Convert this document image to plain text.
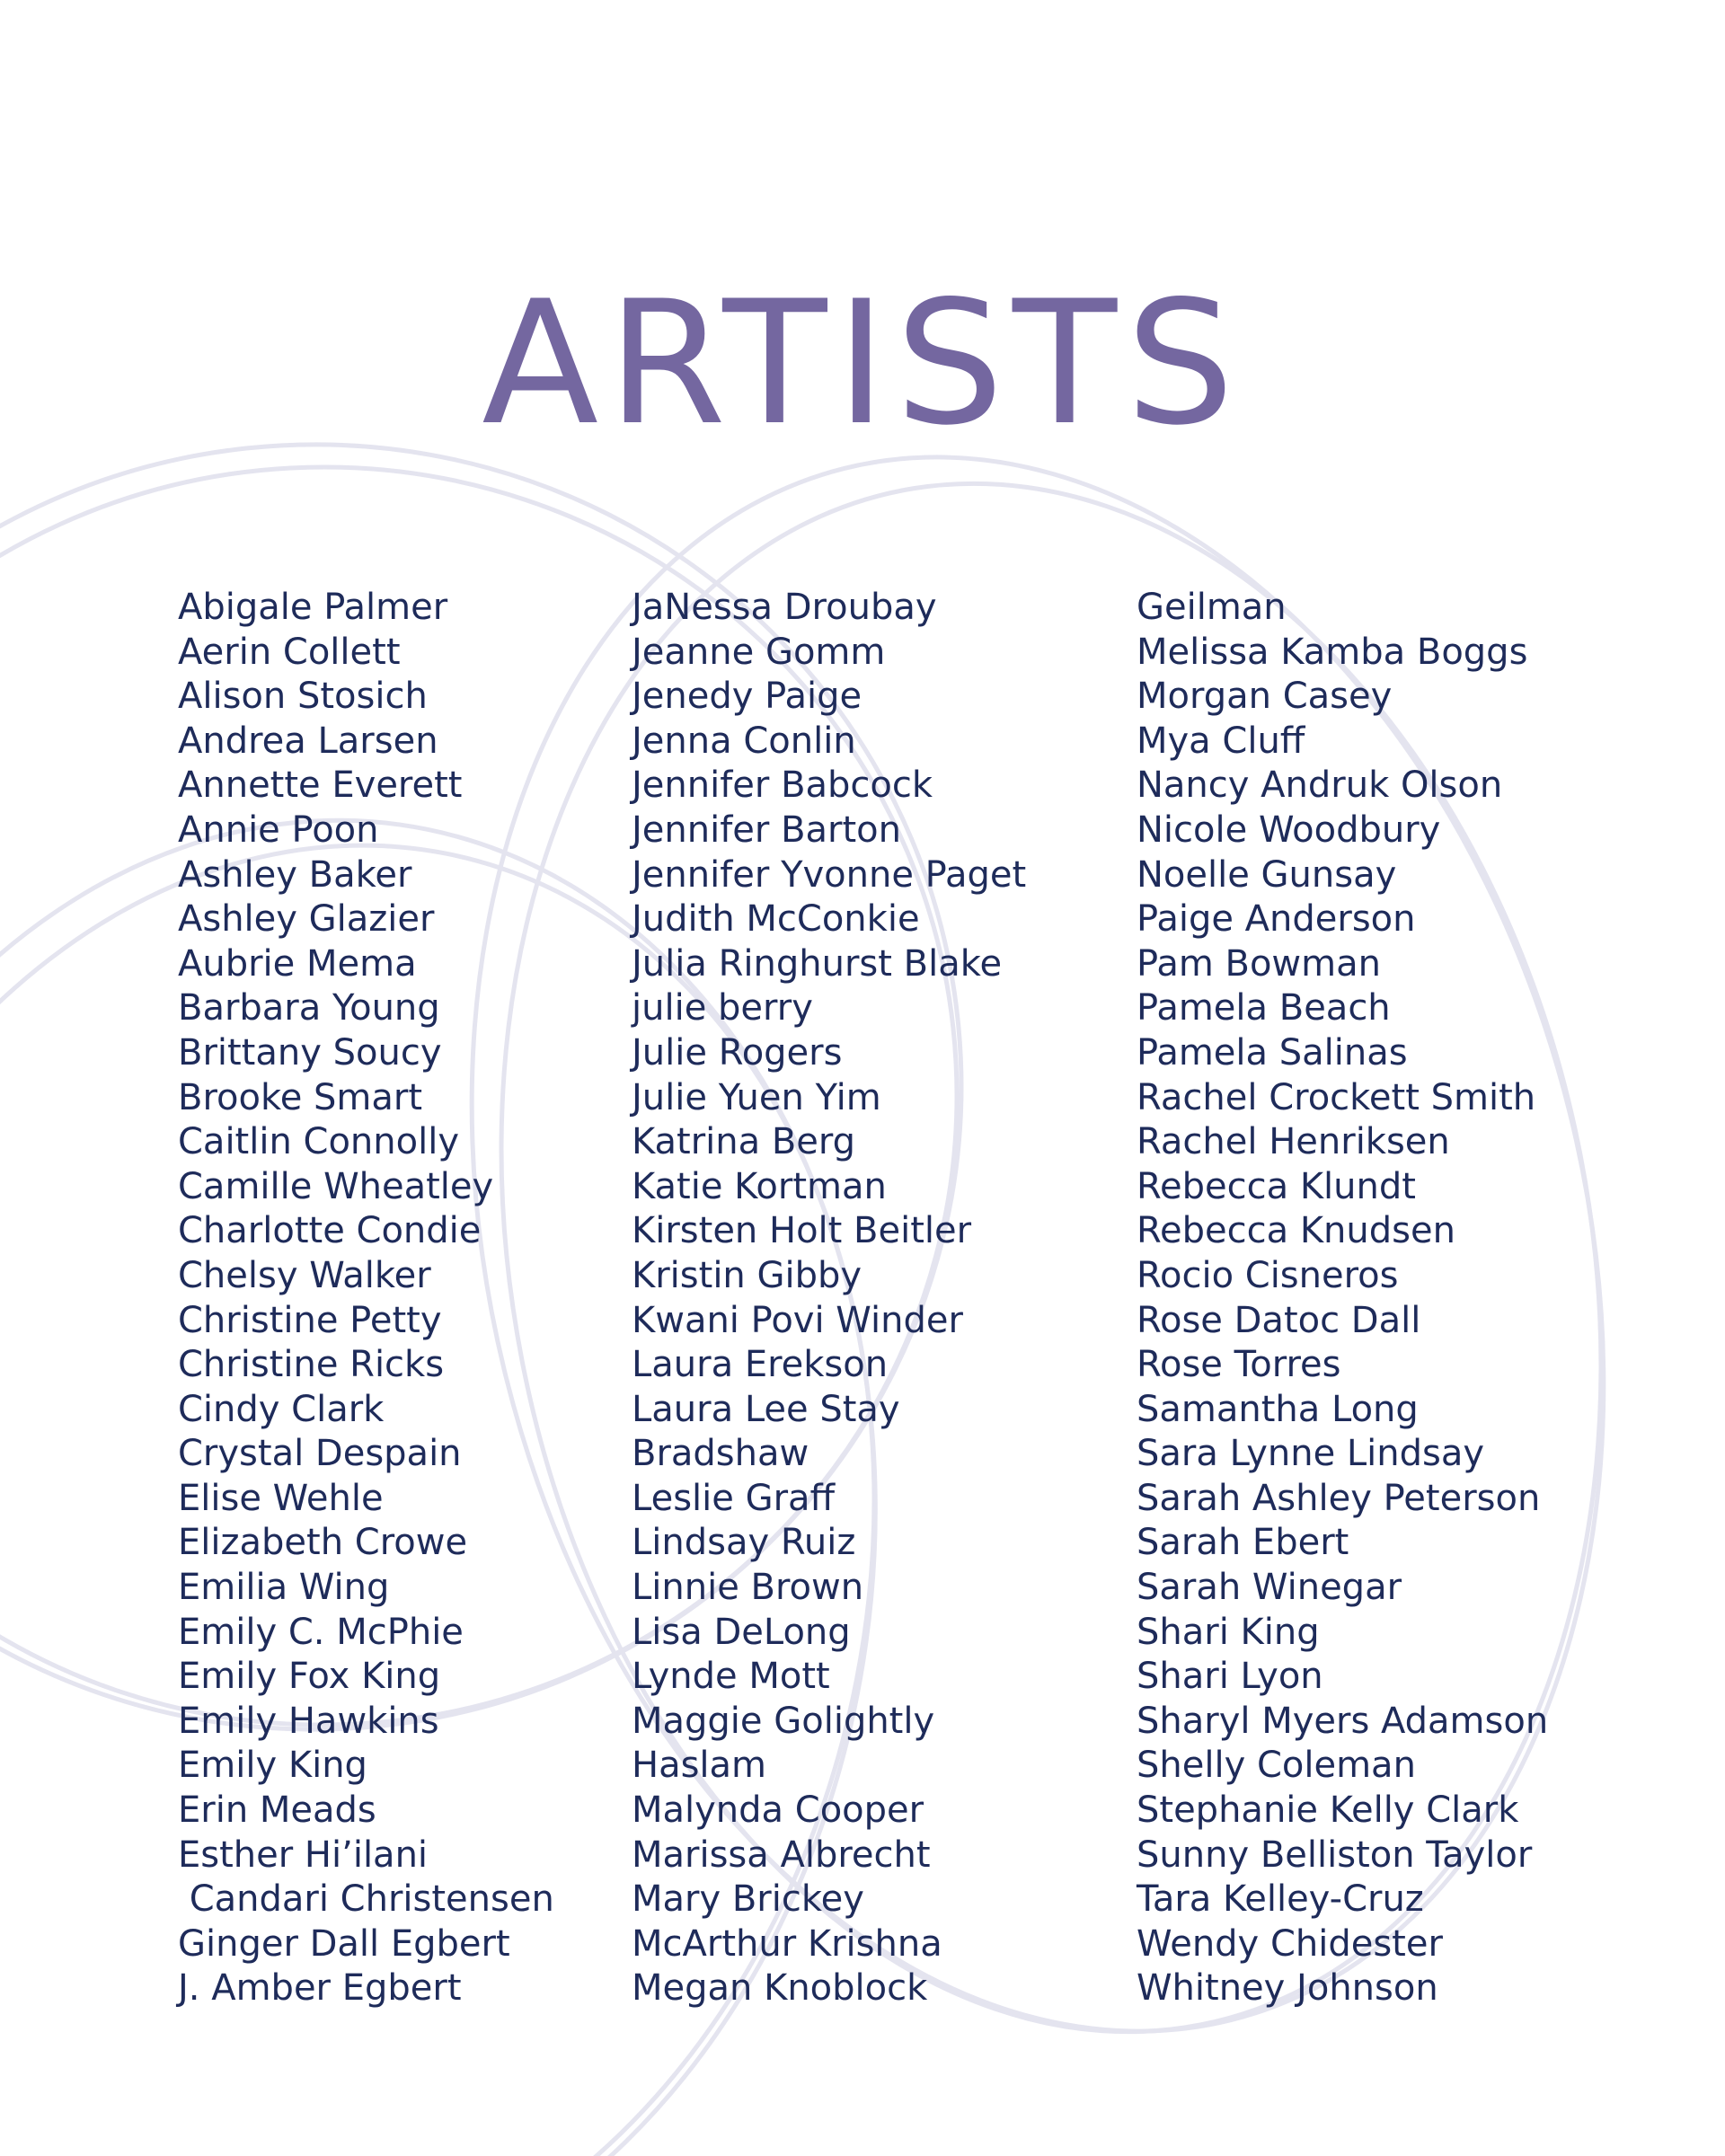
ARTISTS
Abigale Palmer
Aerin Collett
Alison Stosich
Andrea Larsen
Annette Everett
Annie Poon
Ashley Baker
Ashley Glazier
Aubrie Mema
Barbara Young
Brittany Soucy
Brooke Smart
Caitlin Connolly
Camille Wheatley
Charlotte Condie
Chelsy Walker
Christine Petty
Christine Ricks
Cindy Clark
Crystal Despain
Elise Wehle
Elizabeth Crowe
Emilia Wing
Emily C. McPhie
Emily Fox King
Emily Hawkins
Emily King
Erin Meads
Esther Hi’ilani
Candari Christensen
Ginger Dall Egbert
J. Amber Egbert
JaNessa Droubay
Jeanne Gomm
Jenedy Paige
Jenna Conlin
Jennifer Babcock
Jennifer Barton
Jennifer Yvonne Paget
Judith McConkie
Julia Ringhurst Blake
julie berry
Julie Rogers
Julie Yuen Yim
Katrina Berg
Katie Kortman
Kirsten Holt Beitler
Kristin Gibby
Kwani Povi Winder
Laura Erekson
Laura Lee Stay
Bradshaw
Leslie Graff
Lindsay Ruiz
Linnie Brown
Lisa DeLong
Lynde Mott
Maggie Golightly
Haslam
Malynda Cooper
Marissa Albrecht
Mary Brickey
McArthur Krishna
Megan Knoblock
Geilman
Melissa Kamba Boggs
Morgan Casey
Mya Cluff
Nancy Andruk Olson
Nicole Woodbury
Noelle Gunsay
Paige Anderson
Pam Bowman
Pamela Beach
Pamela Salinas
Rachel Crockett Smith
Rachel Henriksen
Rebecca Klundt
Rebecca Knudsen
Rocio Cisneros
Rose Datoc Dall
Rose Torres
Samantha Long
Sara Lynne Lindsay
Sarah Ashley Peterson
Sarah Ebert
Sarah Winegar
Shari King
Shari Lyon
Sharyl Myers Adamson
Shelly Coleman
Stephanie Kelly Clark
Sunny Belliston Taylor
Tara Kelley-Cruz
Wendy Chidester
Whitney Johnson
